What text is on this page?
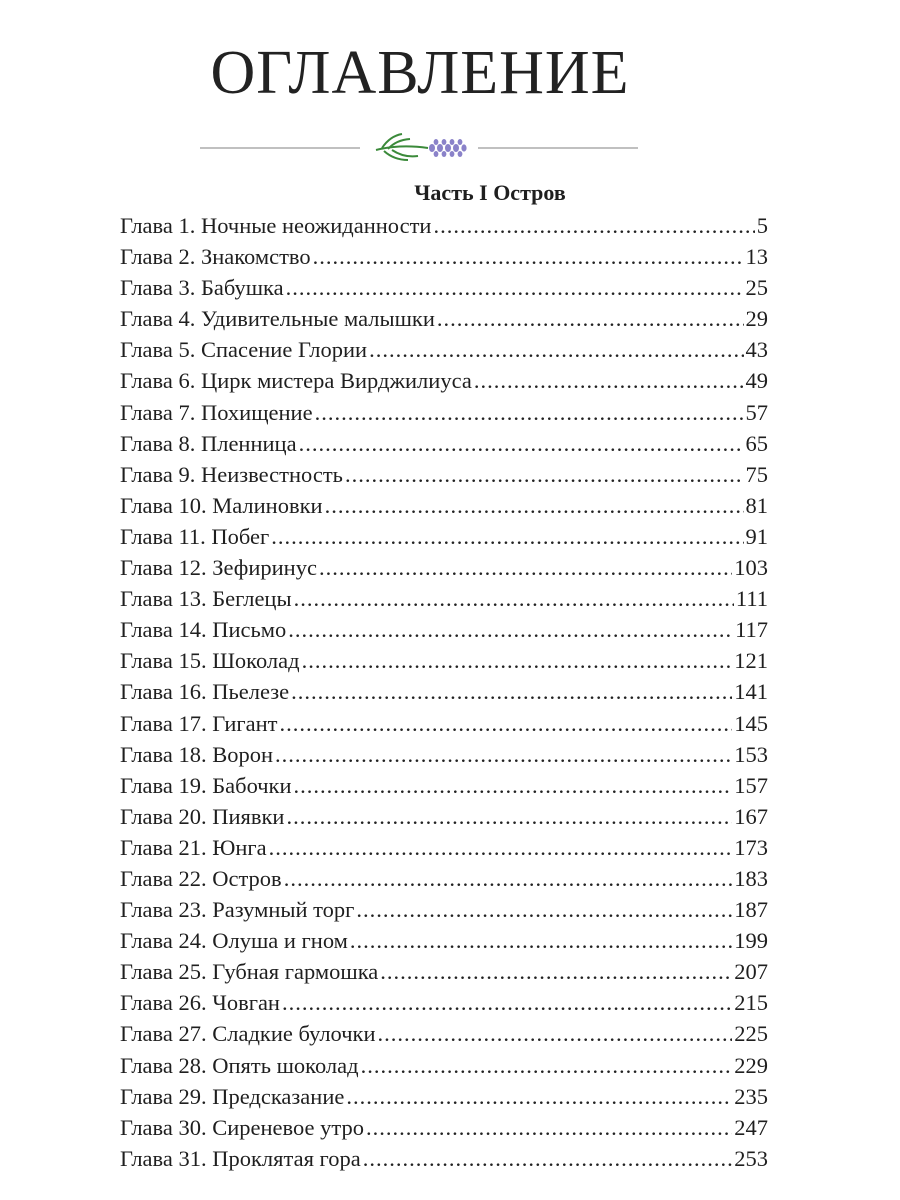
ОГЛАВЛЕНИЕ
Часть I Остров
Глава 1. Ночные неожиданности .....	5
Глава 2. Знакомство .....	13
Глава 3. Бабушка .....	25
Глава 4. Удивительные малышки .....	29
Глава 5. Спасение Глории .....	43
Глава 6. Цирк мистера Вирджилиуса .....	49
Глава 7. Похищение .....	57
Глава 8. Пленница .....	65
Глава 9. Неизвестность .....	75
Глава 10. Малиновки .....	81
Глава 11. Побег .....	91
Глава 12. Зефиринус .....	103
Глава 13. Беглецы .....	111
Глава 14. Письмо .....	117
Глава 15. Шоколад .....	121
Глава 16. Пьелезе .....	141
Глава 17. Гигант .....	145
Глава 18. Ворон .....	153
Глава 19. Бабочки .....	157
Глава 20. Пиявки .....	167
Глава 21. Юнга .....	173
Глава 22. Остров .....	183
Глава 23. Разумный торг .....	187
Глава 24. Олуша и гном .....	199
Глава 25. Губная гармошка .....	207
Глава 26. Човган .....	215
Глава 27. Сладкие булочки .....	225
Глава 28. Опять шоколад .....	229
Глава 29. Предсказание .....	235
Глава 30. Сиреневое утро .....	247
Глава 31. Проклятая гора .....	253
